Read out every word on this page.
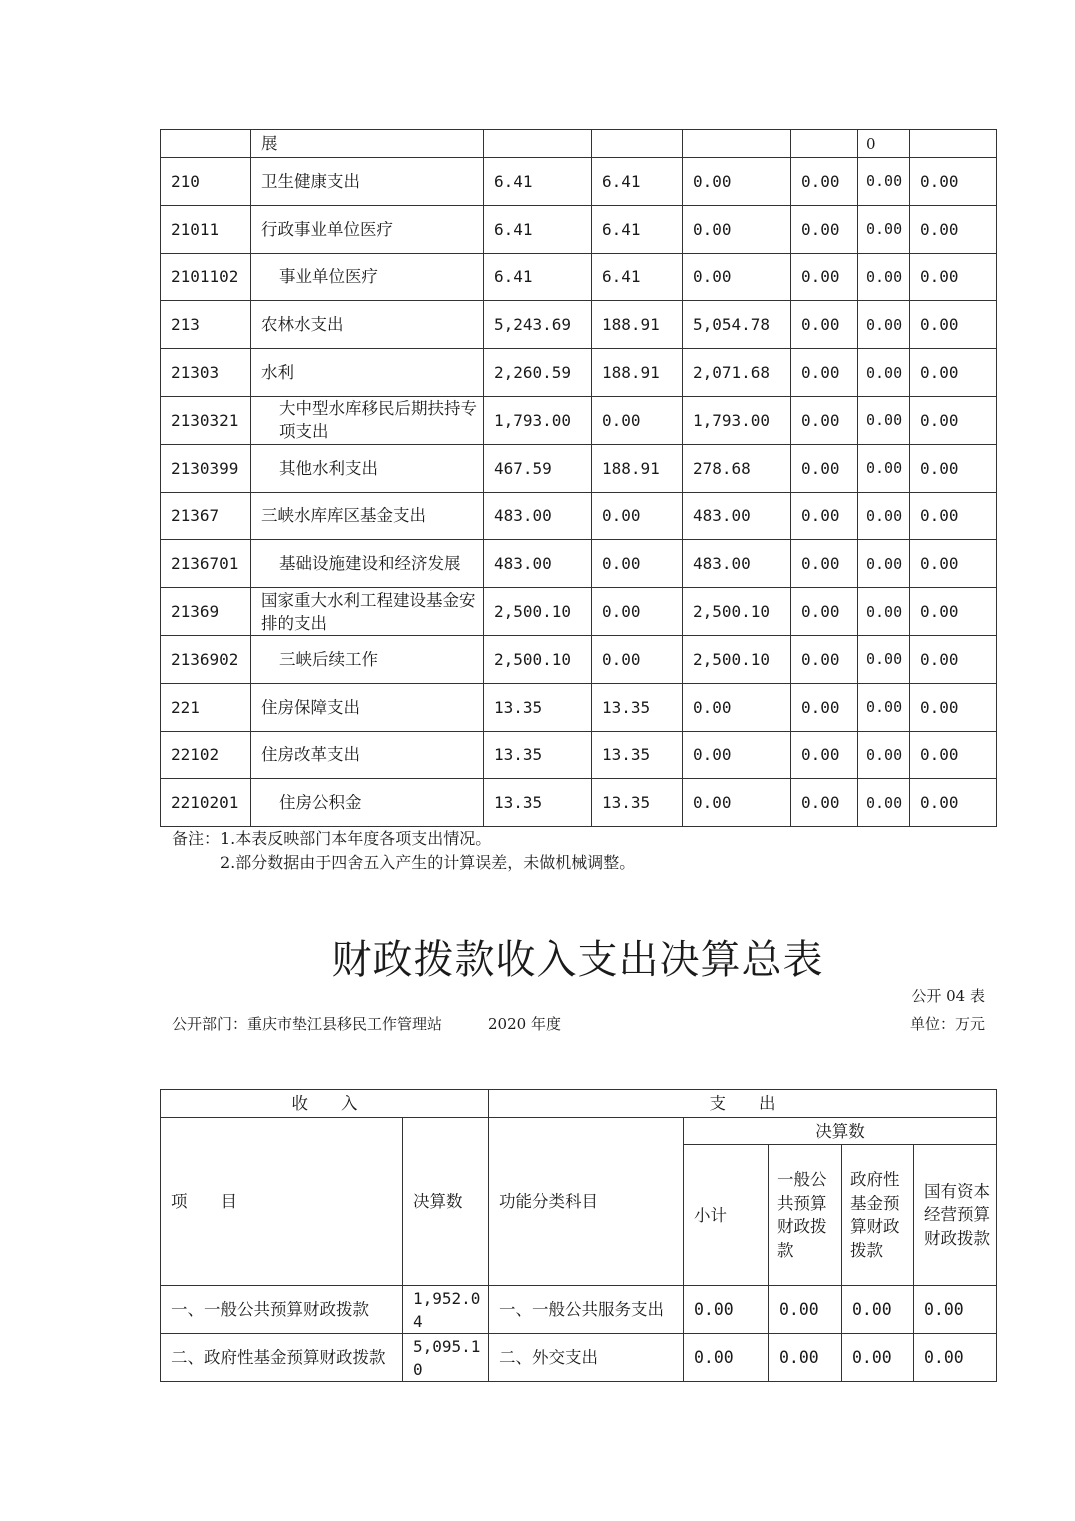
	展					0	
210	卫生健康支出	6.41	6.41	0.00	0.00	0.00	0.00
21011	行政事业单位医疗	6.41	6.41	0.00	0.00	0.00	0.00
2101102	事业单位医疗	6.41	6.41	0.00	0.00	0.00	0.00
213	农林水支出	5,243.69	188.91	5,054.78	0.00	0.00	0.00
21303	水利	2,260.59	188.91	2,071.68	0.00	0.00	0.00
2130321	大中型水库移民后期扶持专项支出	1,793.00	0.00	1,793.00	0.00	0.00	0.00
2130399	其他水利支出	467.59	188.91	278.68	0.00	0.00	0.00
21367	三峡水库库区基金支出	483.00	0.00	483.00	0.00	0.00	0.00
2136701	基础设施建设和经济发展	483.00	0.00	483.00	0.00	0.00	0.00
21369	国家重大水利工程建设基金安排的支出	2,500.10	0.00	2,500.10	0.00	0.00	0.00
2136902	三峡后续工作	2,500.10	0.00	2,500.10	0.00	0.00	0.00
221	住房保障支出	13.35	13.35	0.00	0.00	0.00	0.00
22102	住房改革支出	13.35	13.35	0.00	0.00	0.00	0.00
2210201	住房公积金	13.35	13.35	0.00	0.00	0.00	0.00
备注：1.本表反映部门本年度各项支出情况。
2.部分数据由于四舍五入产生的计算误差，未做机械调整。
财政拨款收入支出决算总表
公开 04 表
公开部门：重庆市垫江县移民工作管理站	2020 年度	单位：万元
收　　入		支　　出				
项　　目	决算数	功能分类科目	决算数			
			小计	一般公共预算财政拨款	政府性基金预算财政拨款	国有资本经营预算财政拨款
一、一般公共预算财政拨款	1,952.04	一、一般公共服务支出	0.00	0.00	0.00	0.00
二、政府性基金预算财政拨款	5,095.10	二、外交支出	0.00	0.00	0.00	0.00
